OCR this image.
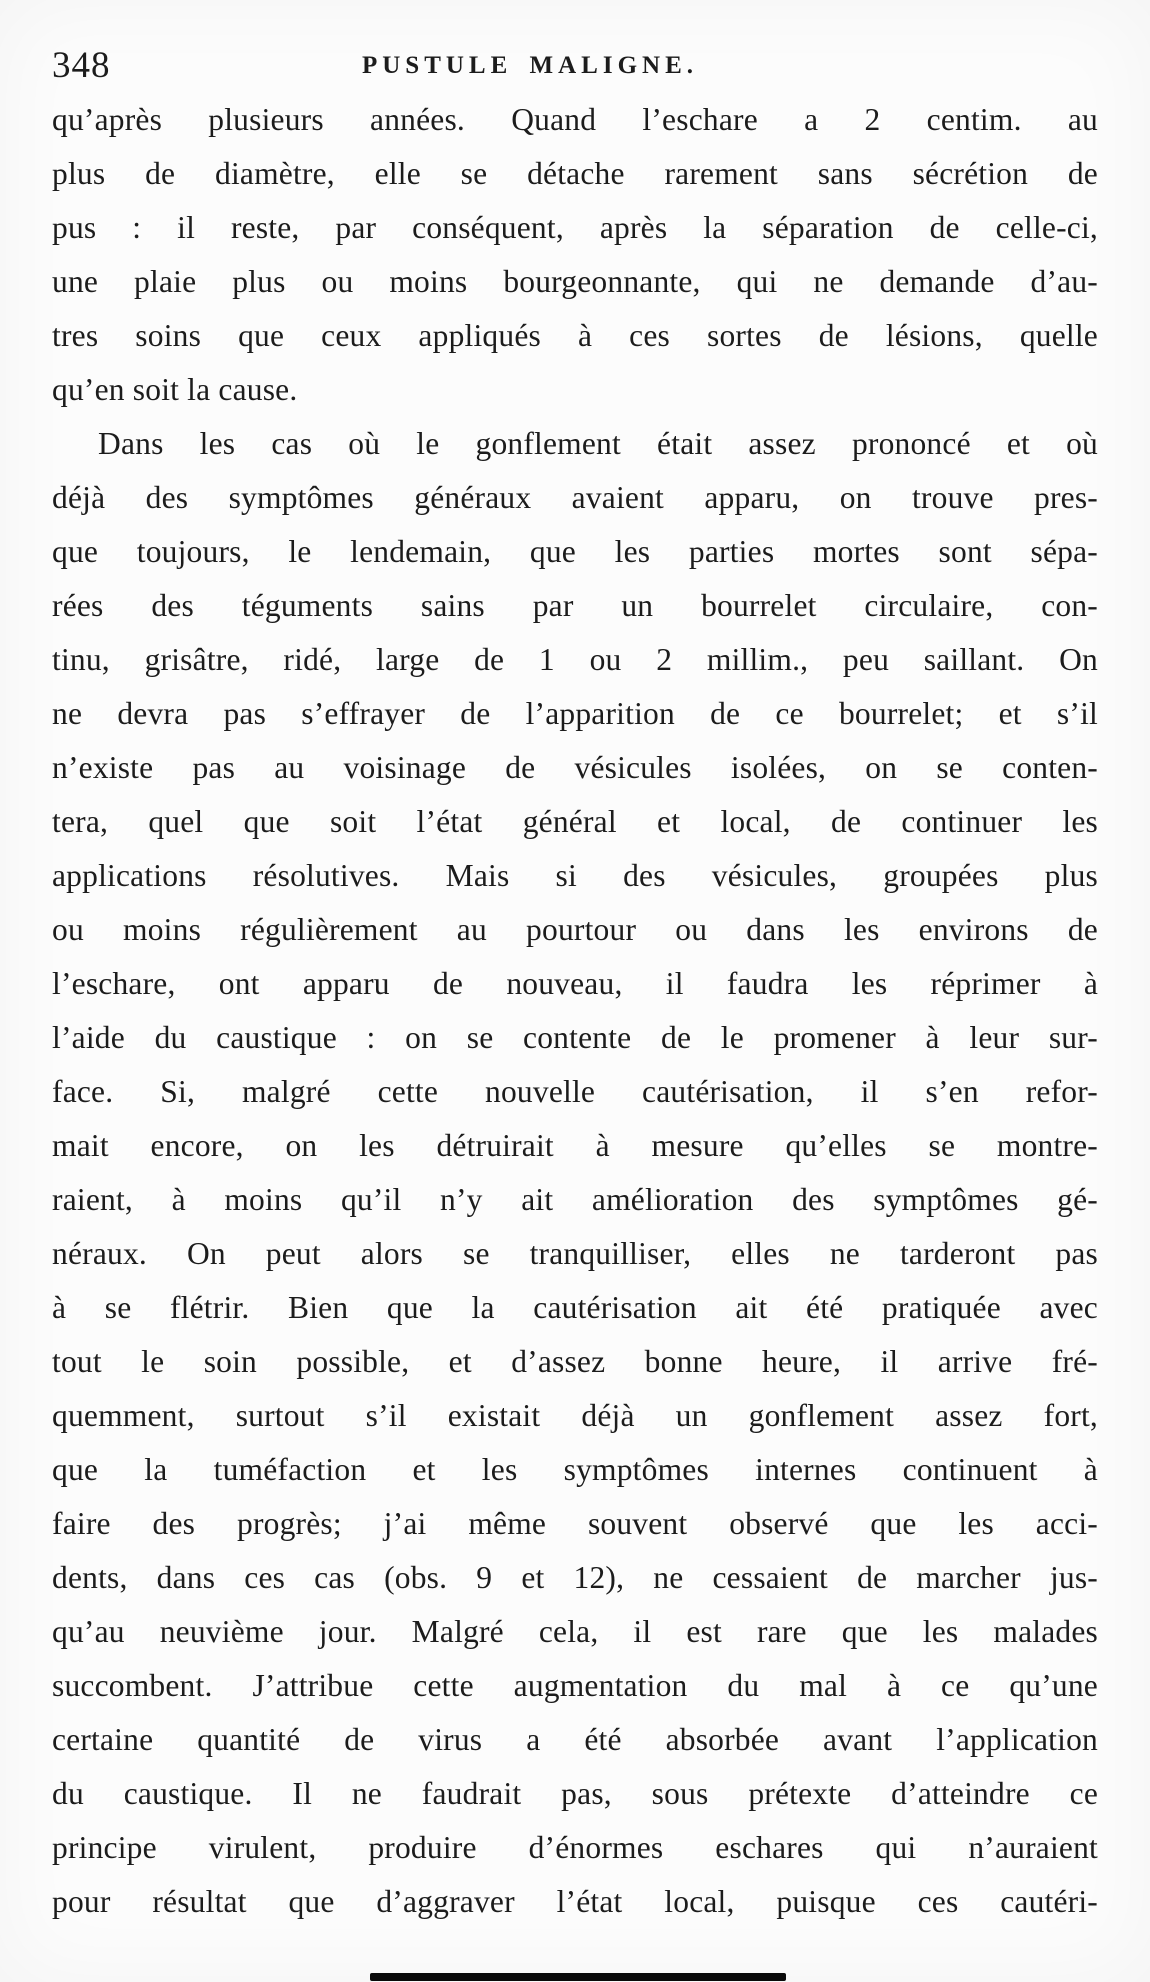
348	PUSTULE MALIGNE.
qu’après plusieurs années. Quand l’eschare a 2 centim. au
plus de diamètre, elle se détache rarement sans sécrétion de
pus : il reste, par conséquent, après la séparation de celle-ci,
une plaie plus ou moins bourgeonnante, qui ne demande d’au-
tres soins que ceux appliqués à ces sortes de lésions, quelle
qu’en soit la cause.
Dans les cas où le gonflement était assez prononcé et où
déjà des symptômes généraux avaient apparu, on trouve pres-
que toujours, le lendemain, que les parties mortes sont sépa-
rées des téguments sains par un bourrelet circulaire, con-
tinu, grisâtre, ridé, large de 1 ou 2 millim., peu saillant. On
ne devra pas s’effrayer de l’apparition de ce bourrelet; et s’il
n’existe pas au voisinage de vésicules isolées, on se conten-
tera, quel que soit l’état général et local, de continuer les
applications résolutives. Mais si des vésicules, groupées plus
ou moins régulièrement au pourtour ou dans les environs de
l’eschare, ont apparu de nouveau, il faudra les réprimer à
l’aide du caustique : on se contente de le promener à leur sur-
face. Si, malgré cette nouvelle cautérisation, il s’en refor-
mait encore, on les détruirait à mesure qu’elles se montre-
raient, à moins qu’il n’y ait amélioration des symptômes gé-
néraux. On peut alors se tranquilliser, elles ne tarderont pas
à se flétrir. Bien que la cautérisation ait été pratiquée avec
tout le soin possible, et d’assez bonne heure, il arrive fré-
quemment, surtout s’il existait déjà un gonflement assez fort,
que la tuméfaction et les symptômes internes continuent à
faire des progrès; j’ai même souvent observé que les acci-
dents, dans ces cas (obs. 9 et 12), ne cessaient de marcher jus-
qu’au neuvième jour. Malgré cela, il est rare que les malades
succombent. J’attribue cette augmentation du mal à ce qu’une
certaine quantité de virus a été absorbée avant l’application
du caustique. Il ne faudrait pas, sous prétexte d’atteindre ce
principe virulent, produire d’énormes eschares qui n’auraient
pour résultat que d’aggraver l’état local, puisque ces cautéri-
